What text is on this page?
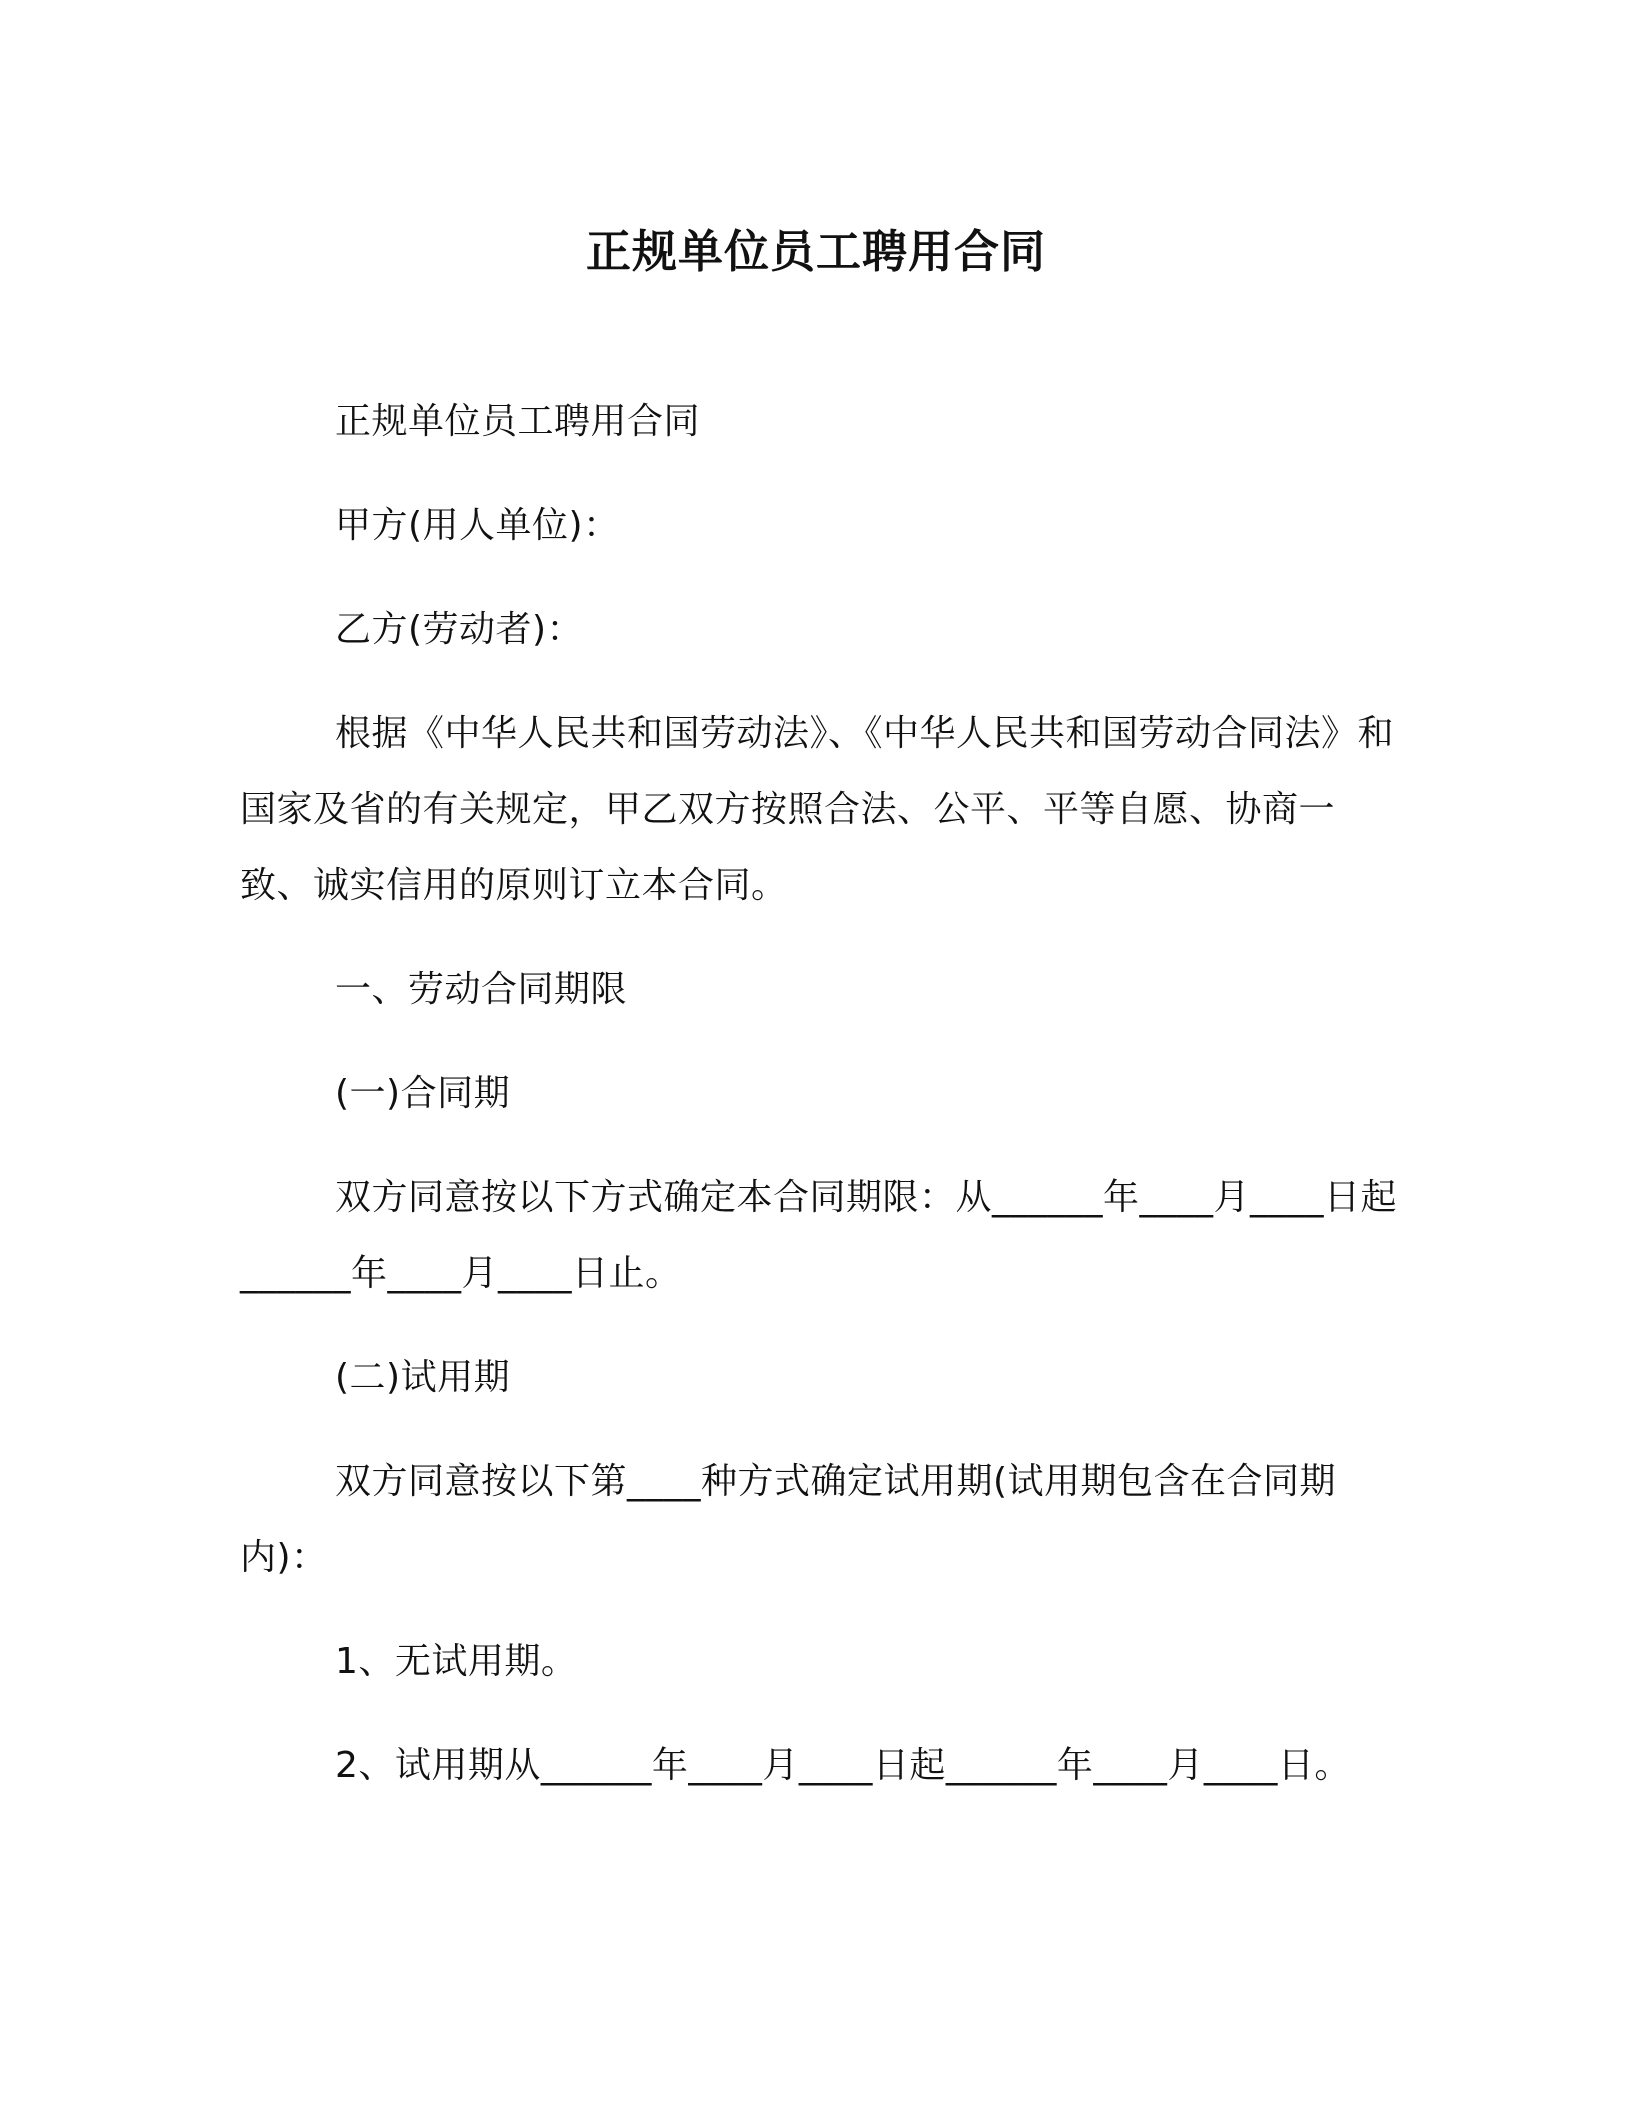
正规单位员工聘用合同
正规单位员工聘用合同
甲方(用人单位)：
乙方(劳动者)：
根据《中华人民共和国劳动法》、《中华人民共和国劳动合同法》和国家及省的有关规定，甲乙双方按照合法、公平、平等自愿、协商一致、诚实信用的原则订立本合同。
一、劳动合同期限
(一)合同期
双方同意按以下方式确定本合同期限：从______年____月____日起______年____月____日止。
(二)试用期
双方同意按以下第____种方式确定试用期(试用期包含在合同期内)：
1、无试用期。
2、试用期从______年____月____日起______年____月____日。
